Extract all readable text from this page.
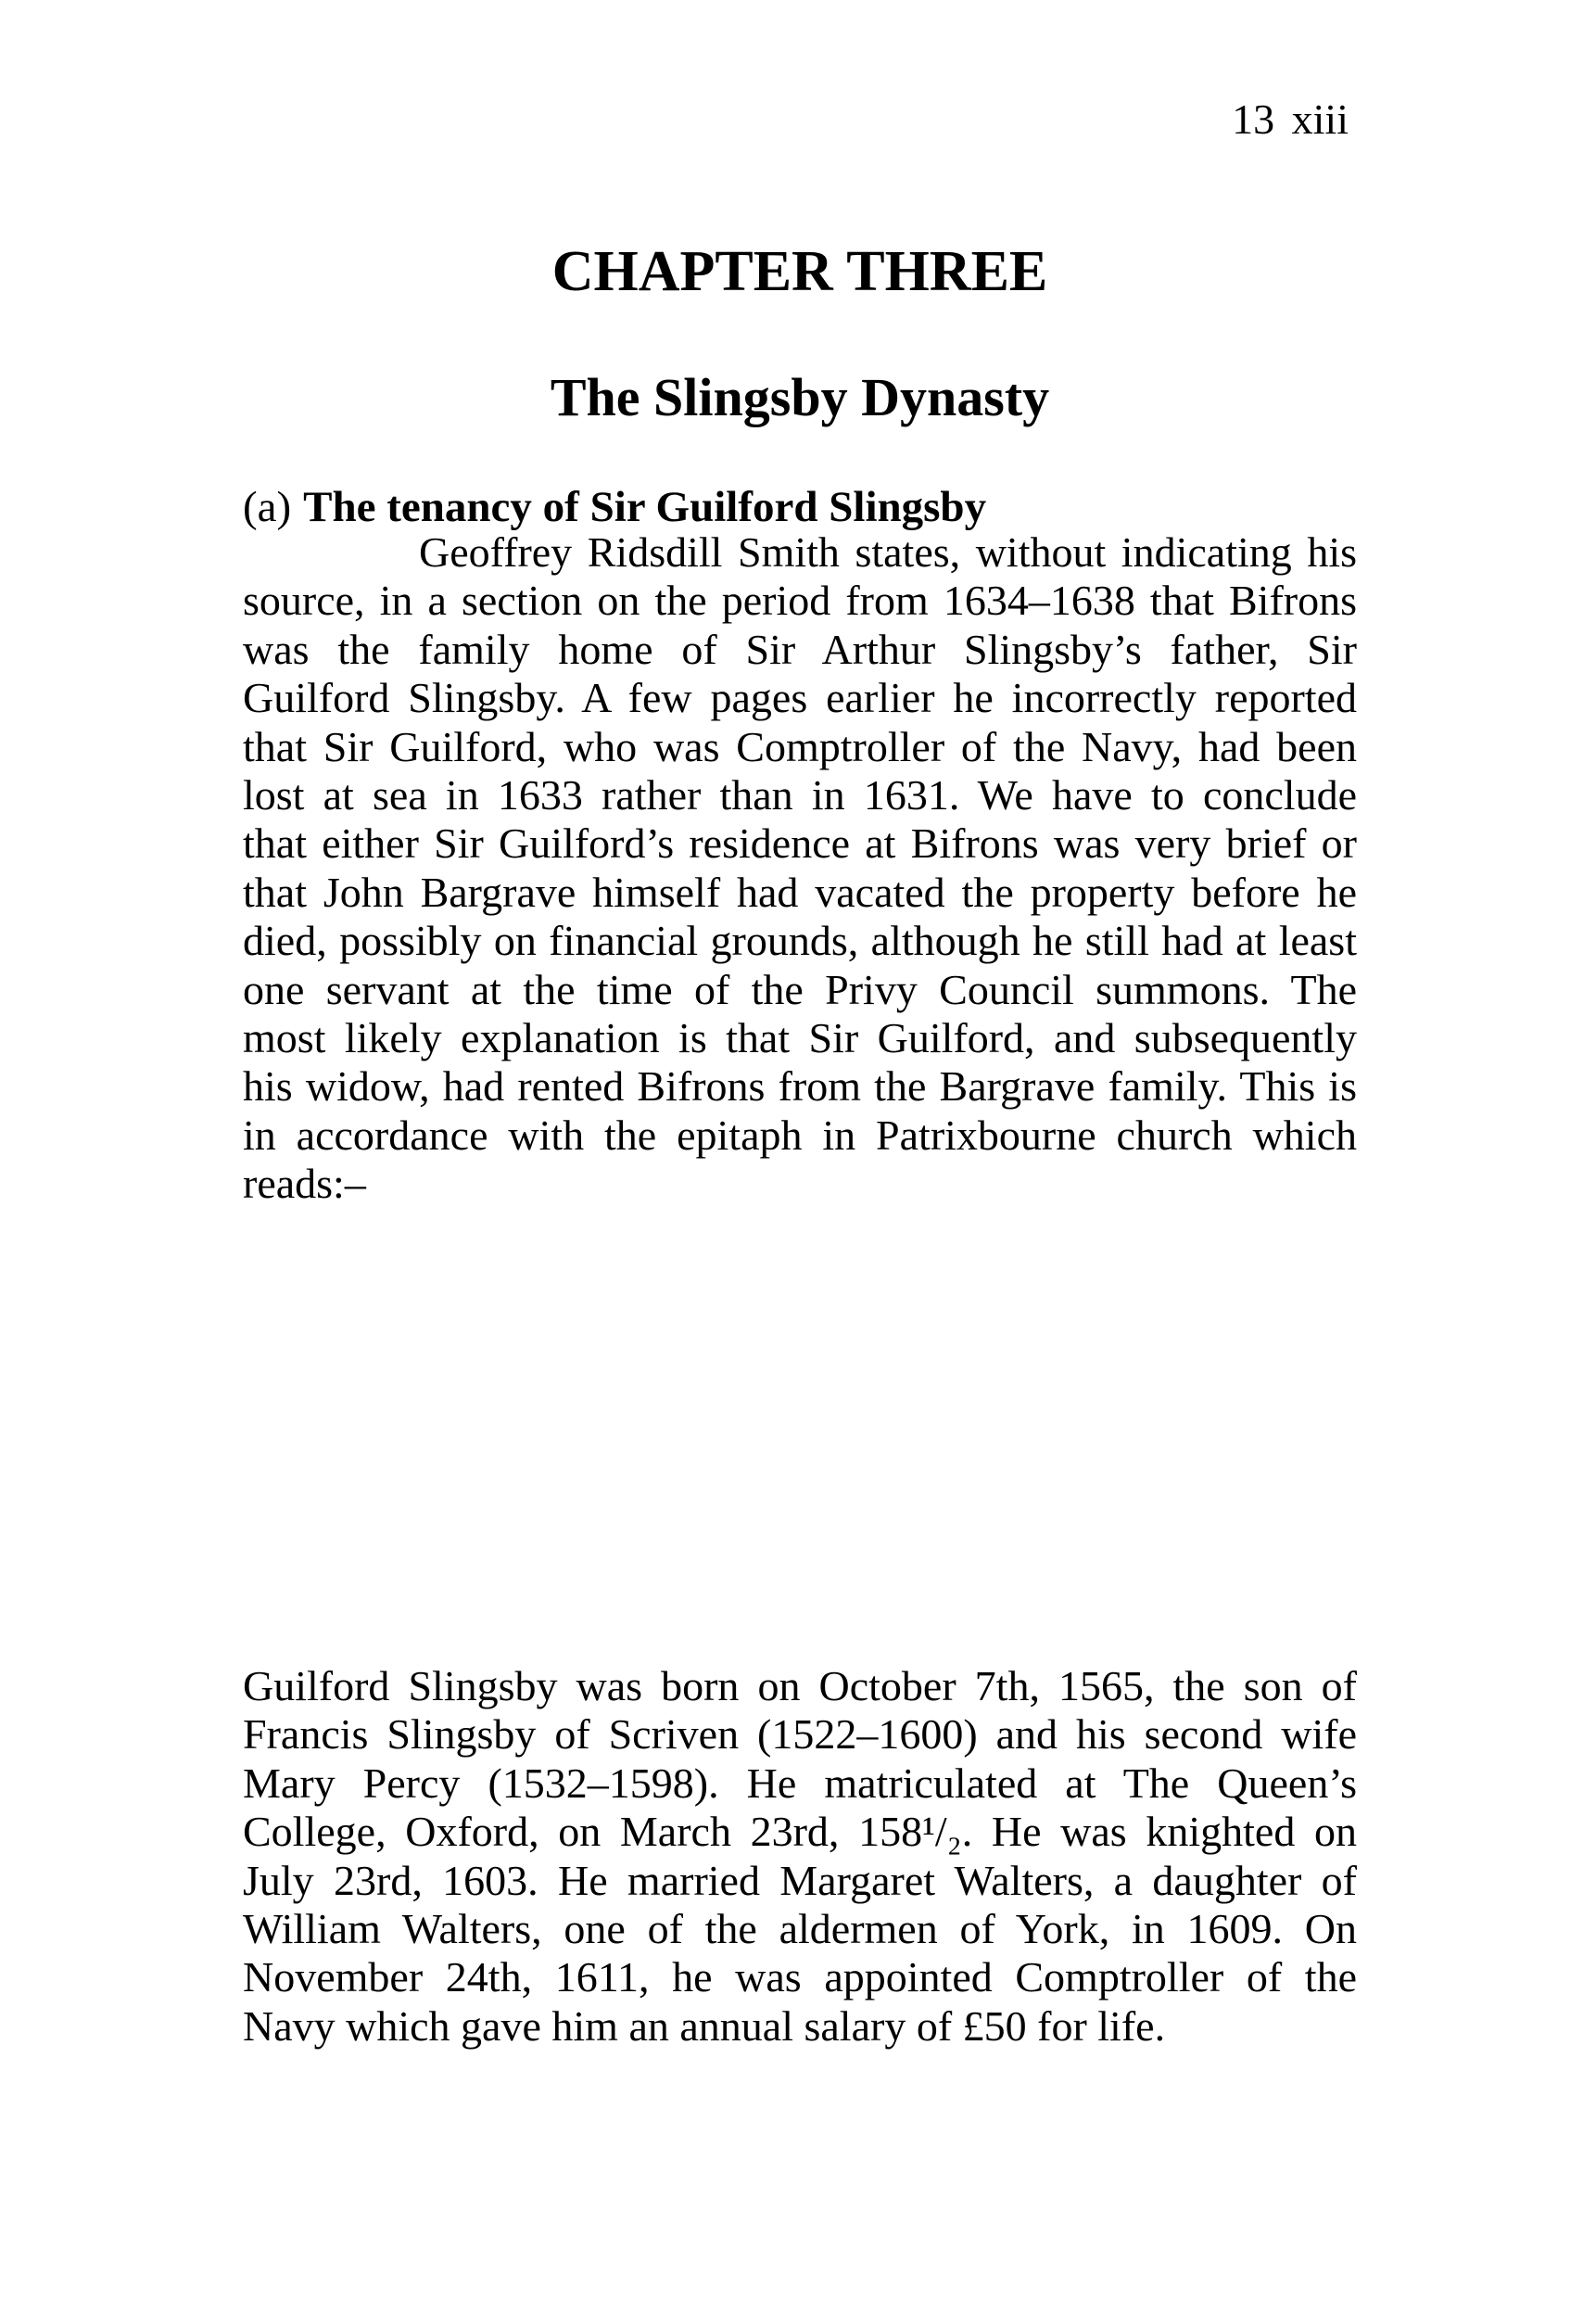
13 xiii
CHAPTER THREE
The Slingsby Dynasty
(a) The tenancy of Sir Guilford Slingsby
Geoffrey Ridsdill Smith states, without indicating his
source, in a section on the period from 1634–1638 that Bifrons
was the family home of Sir Arthur Slingsby’s father, Sir
Guilford Slingsby. A few pages earlier he incorrectly reported
that Sir Guilford, who was Comptroller of the Navy, had been
lost at sea in 1633 rather than in 1631. We have to conclude
that either Sir Guilford’s residence at Bifrons was very brief or
that John Bargrave himself had vacated the property before he
died, possibly on financial grounds, although he still had at least
one servant at the time of the Privy Council summons. The
most likely explanation is that Sir Guilford, and subsequently
his widow, had rented Bifrons from the Bargrave family. This is
in accordance with the epitaph in Patrixbourne church which
reads:–
Guilford Slingsby was born on October 7th, 1565, the son of
Francis Slingsby of Scriven (1522–1600) and his second wife
Mary Percy (1532–1598). He matriculated at The Queen’s
College, Oxford, on March 23rd, 158¹/₂. He was knighted on
July 23rd, 1603. He married Margaret Walters, a daughter of
William Walters, one of the aldermen of York, in 1609. On
November 24th, 1611, he was appointed Comptroller of the
Navy which gave him an annual salary of £50 for life.
